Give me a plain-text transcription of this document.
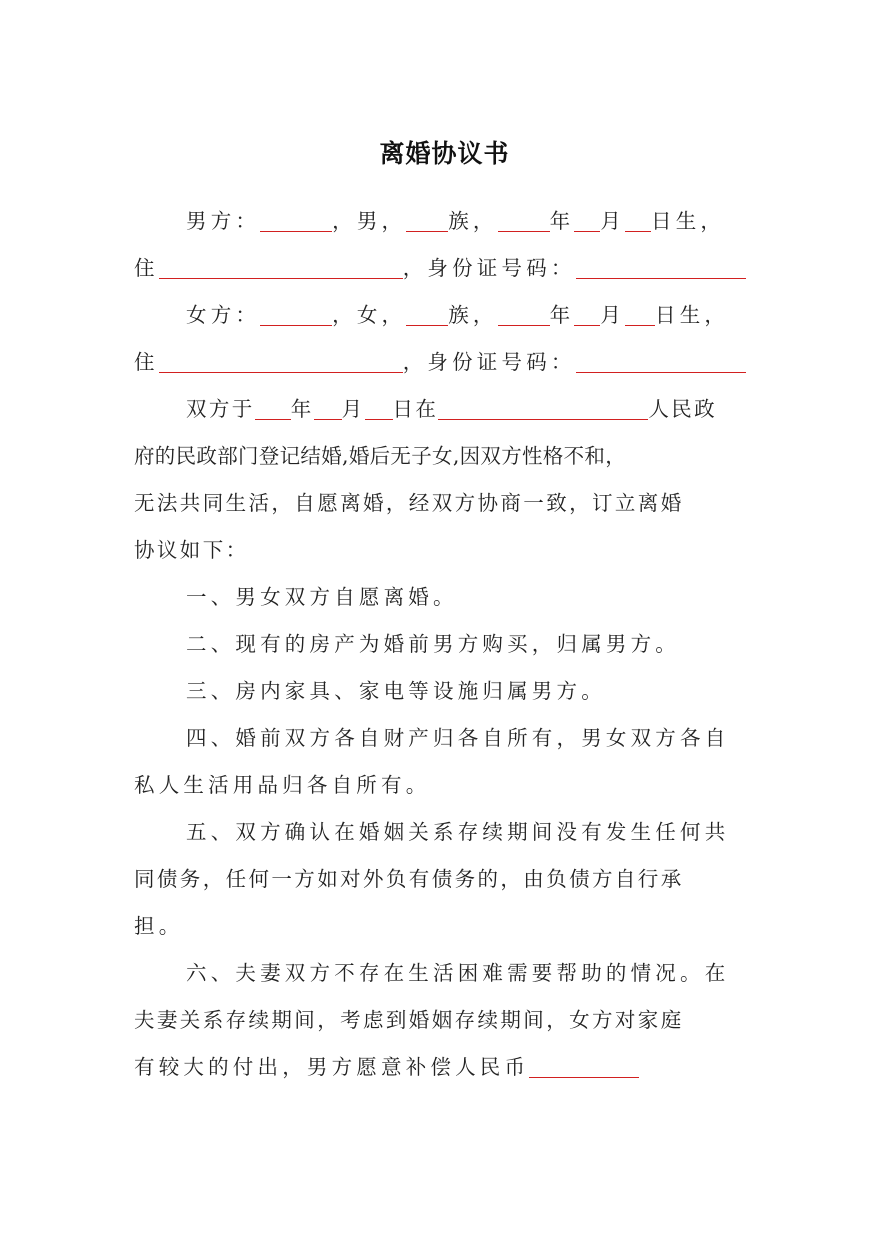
离婚协议书
男方：	，男， 族，	年 月 日生，
住	，身份证号码：
女方：	，女， 族，	年 月 日生，
住	，身份证号码：
双方于 年 月 日在	人民政
府的民政部门登记结婚,婚后无子女,因双方性格不和，
无法共同生活，自愿离婚，经双方协商一致，订立离婚
协议如下：
一、男女双方自愿离婚。
二、现有的房产为婚前男方购买，归属男方。
三、房内家具、家电等设施归属男方。
四、婚前双方各自财产归各自所有，男女双方各自
私人生活用品归各自所有。
五、双方确认在婚姻关系存续期间没有发生任何共
同债务，任何一方如对外负有债务的，由负债方自行承
担。
六、夫妻双方不存在生活困难需要帮助的情况。在
夫妻关系存续期间，考虑到婚姻存续期间，女方对家庭
有较大的付出，男方愿意补偿人民币
